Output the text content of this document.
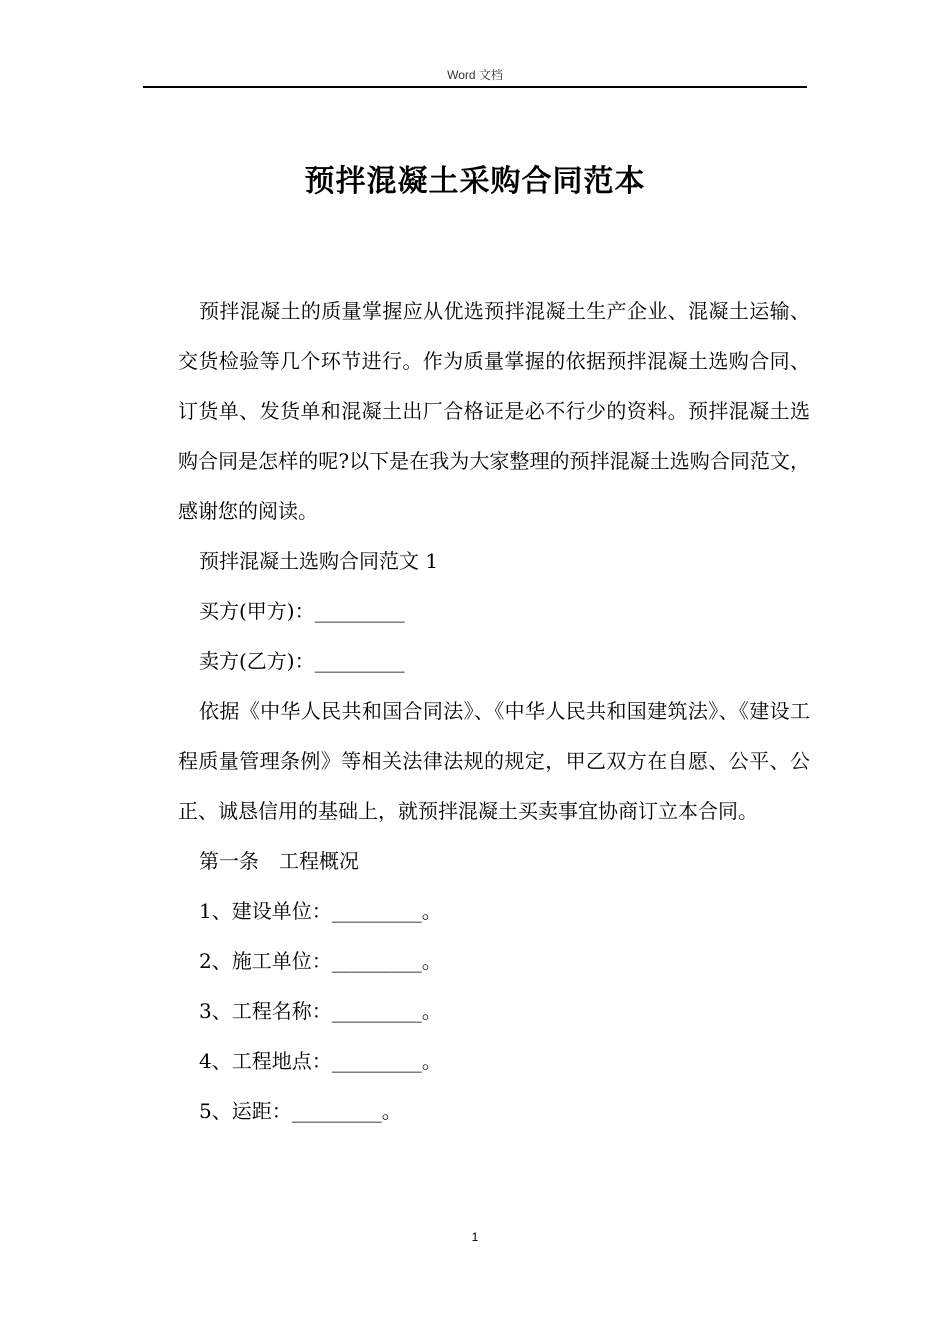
Word 文档
预拌混凝土采购合同范本

预拌混凝土的质量掌握应从优选预拌混凝土生产企业、混凝土运输、交货检验等几个环节进行。作为质量掌握的依据预拌混凝土选购合同、订货单、发货单和混凝土出厂合格证是必不行少的资料。预拌混凝土选购合同是怎样的呢?以下是在我为大家整理的预拌混凝土选购合同范文，感谢您的阅读。

预拌混凝土选购合同范文 1

买方(甲方)：_________

卖方(乙方)：_________

依据《中华人民共和国合同法》、《中华人民共和国建筑法》、《建设工程质量管理条例》等相关法律法规的规定，甲乙双方在自愿、公平、公正、诚恳信用的基础上，就预拌混凝土买卖事宜协商订立本合同。

第一条　工程概况

1、建设单位：_________。

2、施工单位：_________。

3、工程名称：_________。

4、工程地点：_________。

5、运距：_________。

1
